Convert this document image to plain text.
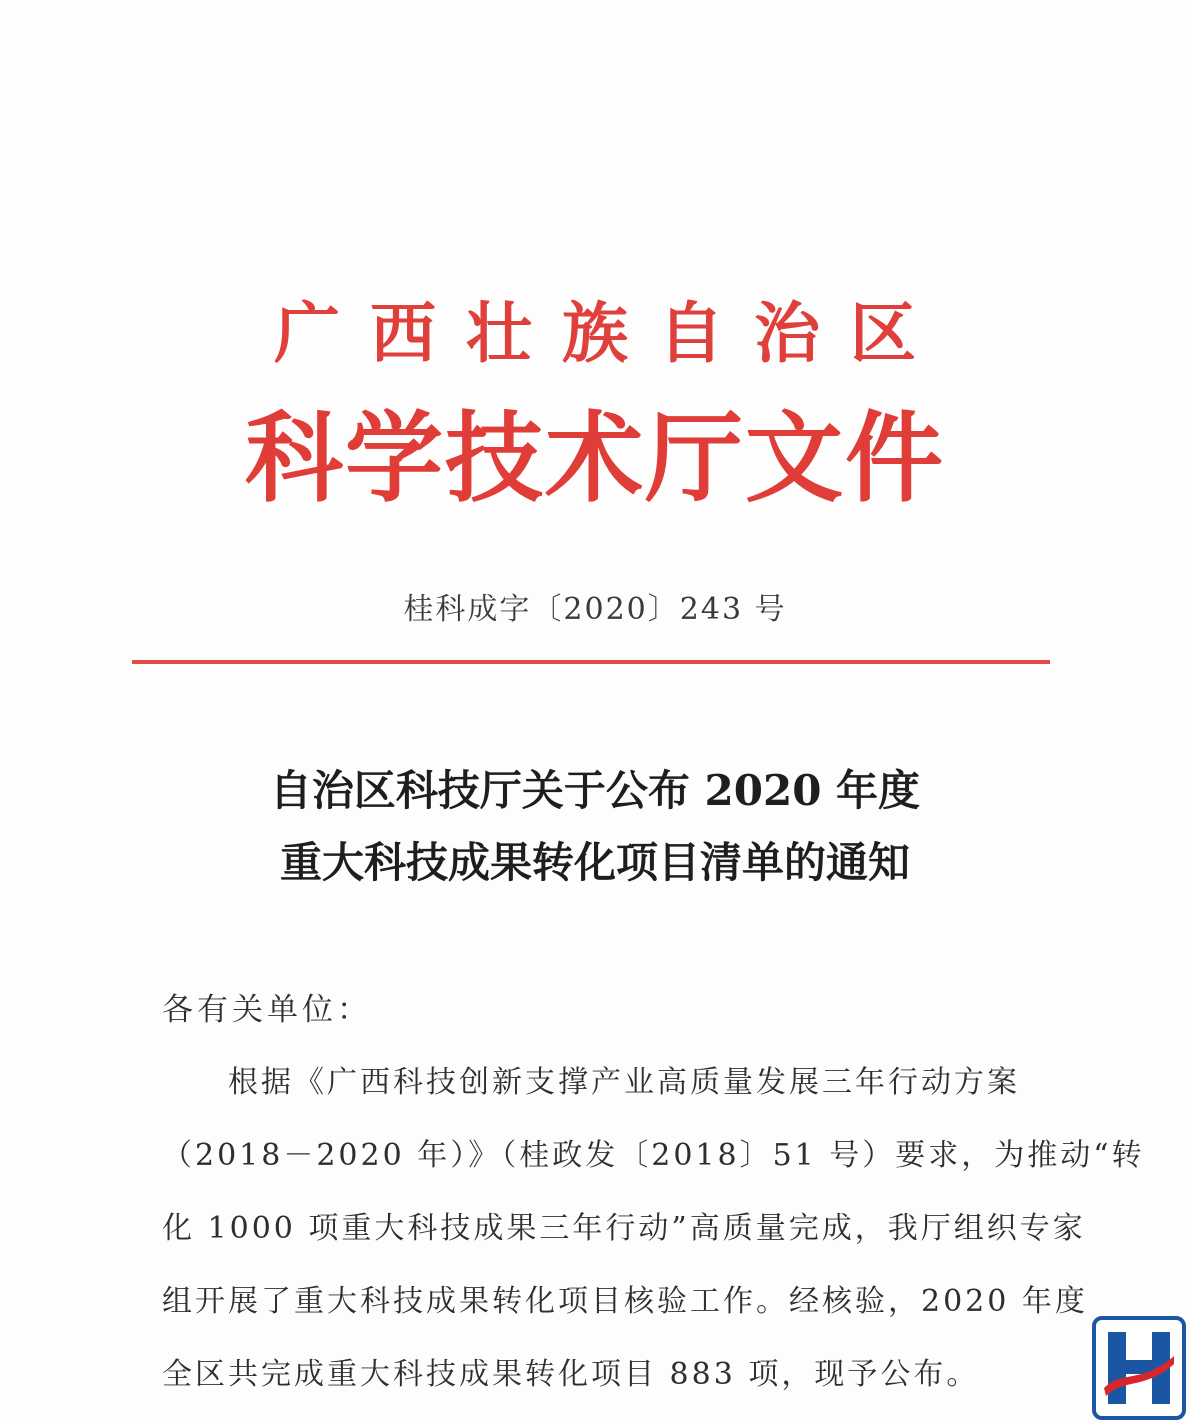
广西壮族自治区
科学技术厅文件
桂科成字〔2020〕243 号
自治区科技厅关于公布 2020 年度
重大科技成果转化项目清单的通知
各有关单位：
根据《广西科技创新支撑产业高质量发展三年行动方案
（2018－2020 年）》（桂政发〔2018〕51 号）要求，为推动“转
化 1000 项重大科技成果三年行动”高质量完成，我厅组织专家
组开展了重大科技成果转化项目核验工作。经核验，2020 年度
全区共完成重大科技成果转化项目 883 项，现予公布。
